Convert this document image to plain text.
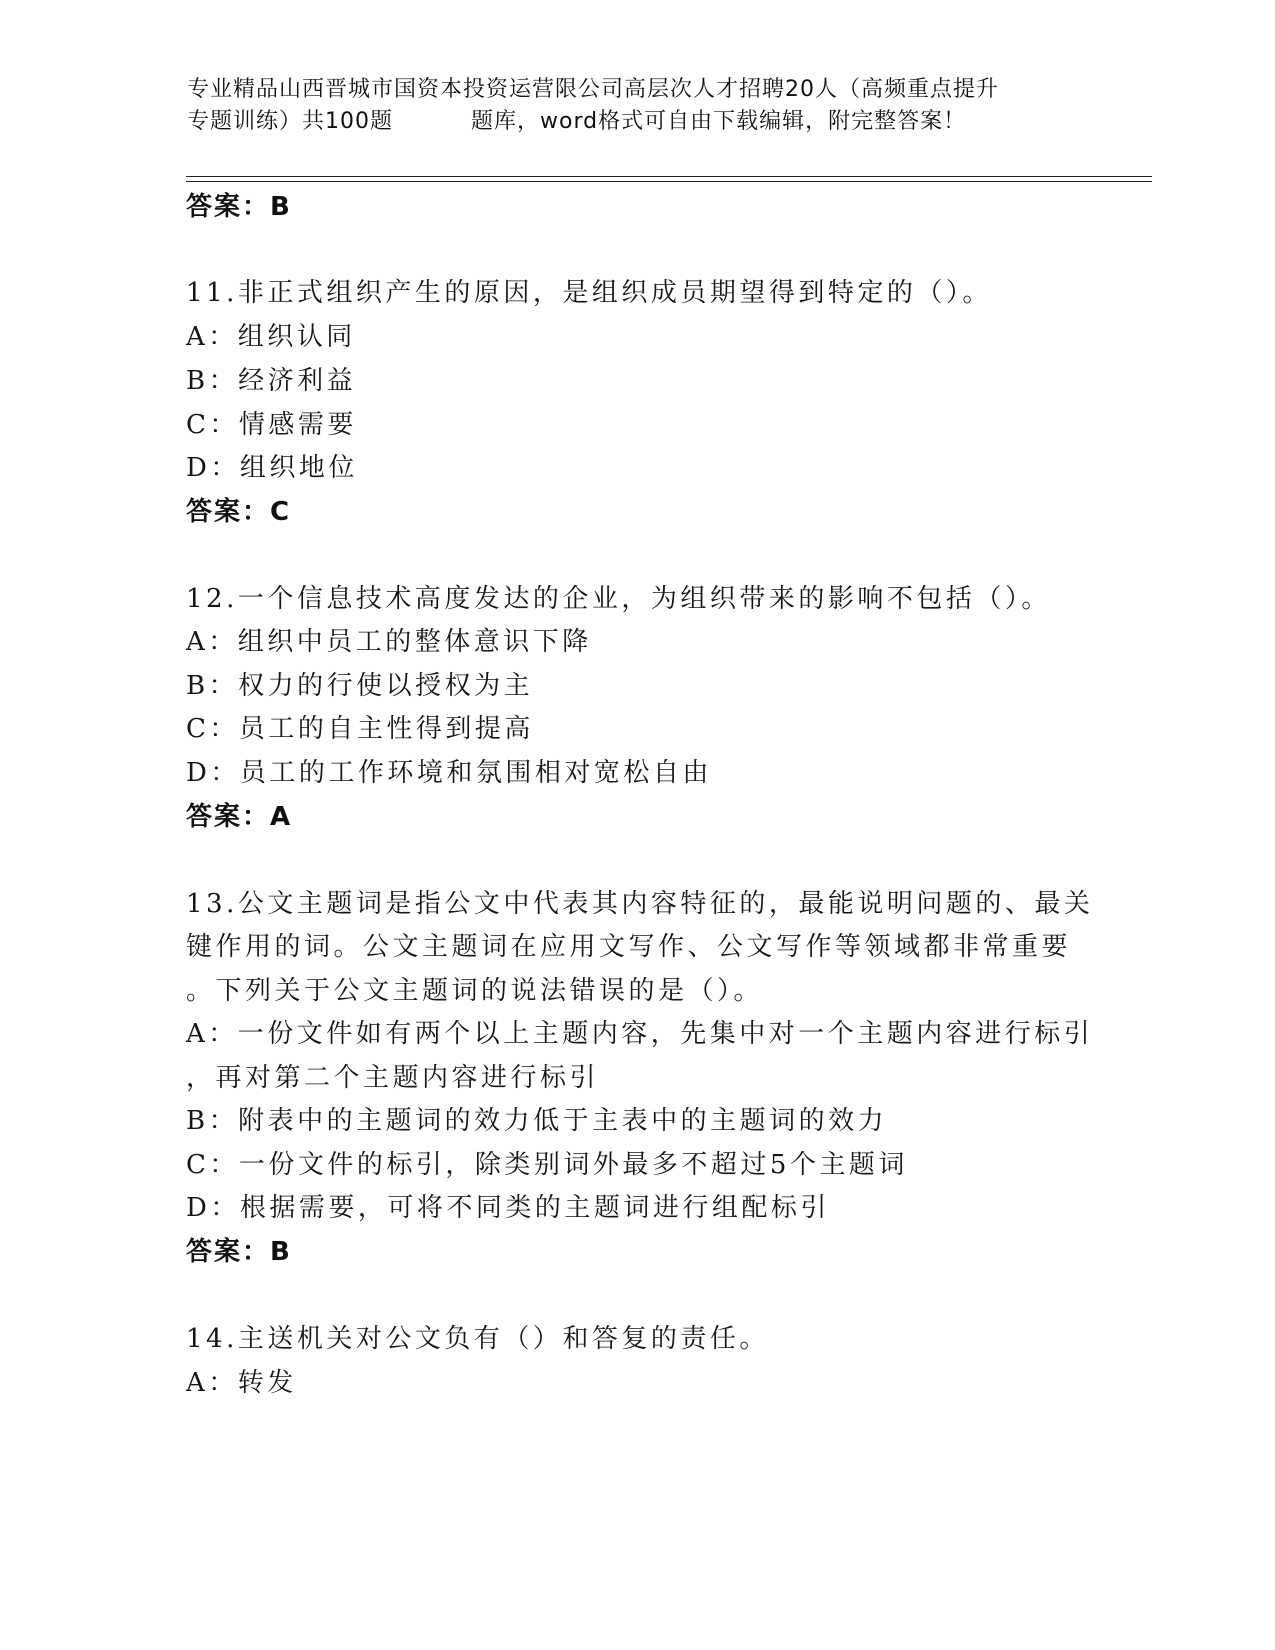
专业精品山西晋城市国资本投资运营限公司高层次人才招聘20人（高频重点提升
专题训练）共100题	题库，word格式可自由下载编辑，附完整答案！
答案：B
11.非正式组织产生的原因，是组织成员期望得到特定的（）。
A：组织认同
B：经济利益
C：情感需要
D：组织地位
答案：C
12.一个信息技术高度发达的企业，为组织带来的影响不包括（）。
A：组织中员工的整体意识下降
B：权力的行使以授权为主
C：员工的自主性得到提高
D：员工的工作环境和氛围相对宽松自由
答案：A
13.公文主题词是指公文中代表其内容特征的，最能说明问题的、最关
键作用的词。公文主题词在应用文写作、公文写作等领域都非常重要
。下列关于公文主题词的说法错误的是（）。
A：一份文件如有两个以上主题内容，先集中对一个主题内容进行标引
，再对第二个主题内容进行标引
B：附表中的主题词的效力低于主表中的主题词的效力
C：一份文件的标引，除类别词外最多不超过5个主题词
D：根据需要，可将不同类的主题词进行组配标引
答案：B
14.主送机关对公文负有（）和答复的责任。
A：转发
